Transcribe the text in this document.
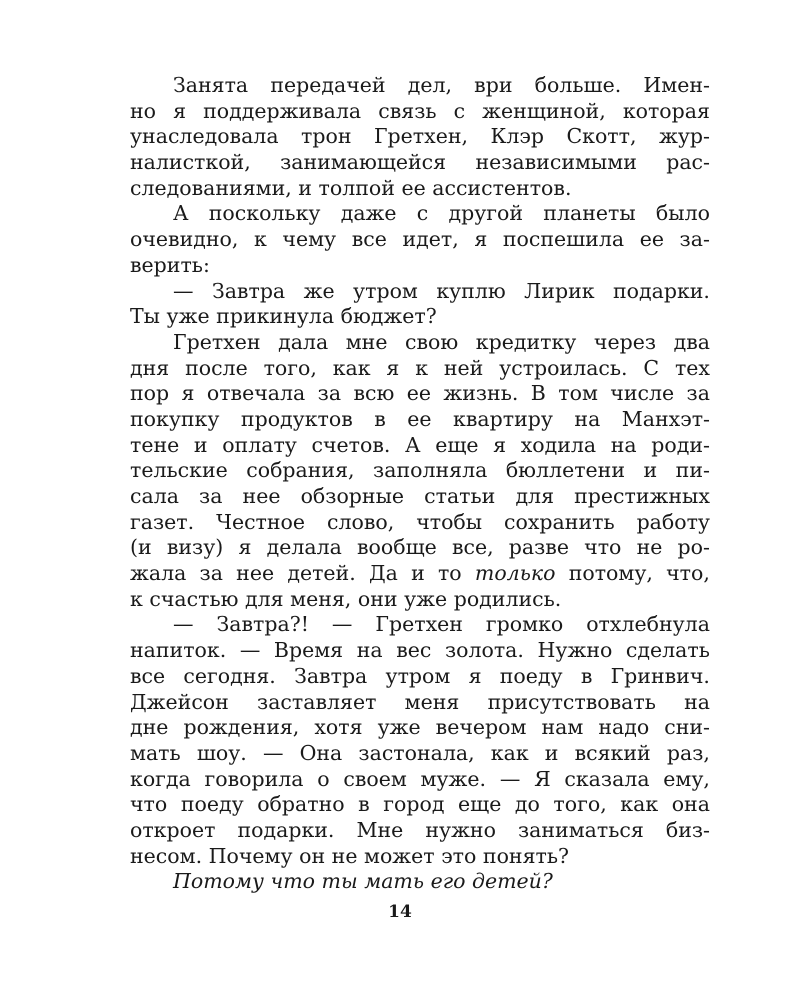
Занята передачей дел, ври больше. Имен-
но я поддерживала связь с женщиной, которая
унаследовала трон Гретхен, Клэр Скотт, жур-
налисткой, занимающейся независимыми рас-
следованиями, и толпой ее ассистентов.
А поскольку даже с другой планеты было
очевидно, к чему все идет, я поспешила ее за-
верить:
— Завтра же утром куплю Лирик подарки.
Ты уже прикинула бюджет?
Гретхен дала мне свою кредитку через два
дня после того, как я к ней устроилась. С тех
пор я отвечала за всю ее жизнь. В том числе за
покупку продуктов в ее квартиру на Манхэт-
тене и оплату счетов. А еще я ходила на роди-
тельские собрания, заполняла бюллетени и пи-
сала за нее обзорные статьи для престижных
газет. Честное слово, чтобы сохранить работу
(и визу) я делала вообще все, разве что не ро-
жала за нее детей. Да и то только потому, что,
к счастью для меня, они уже родились.
— Завтра?! — Гретхен громко отхлебнула
напиток. — Время на вес золота. Нужно сделать
все сегодня. Завтра утром я поеду в Гринвич.
Джейсон заставляет меня присутствовать на
дне рождения, хотя уже вечером нам надо сни-
мать шоу. — Она застонала, как и всякий раз,
когда говорила о своем муже. — Я сказала ему,
что поеду обратно в город еще до того, как она
откроет подарки. Мне нужно заниматься биз-
несом. Почему он не может это понять?
Потому что ты мать его детей?
14
